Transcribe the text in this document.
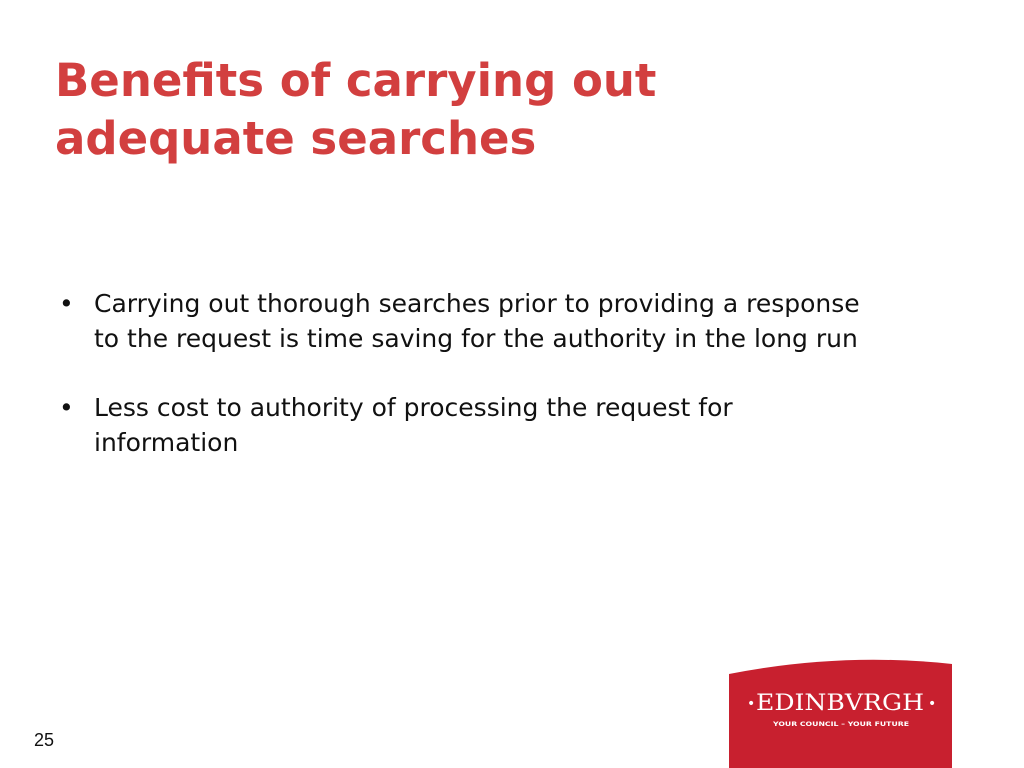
Benefits of carrying out
adequate searches
• Carrying out thorough searches prior to providing a response
to the request is time saving for the authority in the long run
• Less cost to authority of processing the request for
information
25
• EDINBVRGH •
YOUR COUNCIL – YOUR FUTURE
